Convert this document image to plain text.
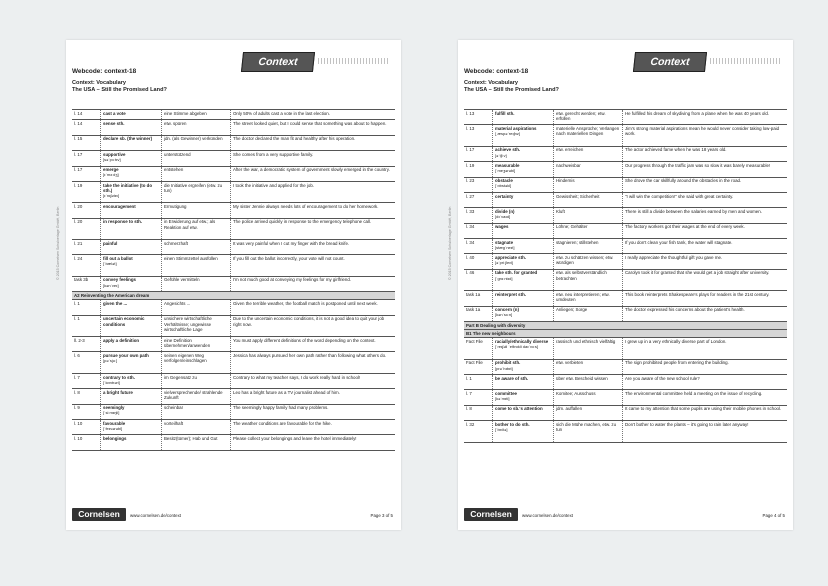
Context
Webcode: context-18
Context: Vocabulary
The USA – Still the Promised Land?
© 2015 Cornelsen Schulverlage GmbH, Berlin
l. 14	cast a vote	eine Stimme abgeben	Only 50% of adults cast a vote in the last election.
l. 14	sense sth.	etw. spüren	The street looked quiet, but I could sense that something was about to happen.
l. 15	declare sb. (the winner)	jdn. (als Gewinner) verkünden	The doctor declared the man fit and healthy after his operation.
l. 17	supportive
[səˈpɔːtɪv]	unterstützend	She comes from a very supportive family.
l. 17	emerge
[ɪˈmɜːdʒ]	entstehen	After the war, a democratic system of government slowly emerged in the country.
l. 19	take the initiative (to do sth.)
[ɪˈnɪʃətɪv]	die Initiative ergreifen (etw. zu tun)	I took the initiative and applied for the job.
l. 20	encouragement	Ermutigung	My sister Jennie always needs lots of encouragement to do her homework.
l. 20	in response to sth.	in Erwiderung auf etw.; als Reaktion auf etw.	The police arrived quickly in response to the emergency telephone call.
l. 21	painful	schmerzhaft	It was very painful when I cut my finger with the bread knife.
l. 24	fill out a ballot
[ˈbælət]	einen Stimmzettel ausfüllen	If you fill out the ballot incorrectly, your vote will not count.
task 3b	convey feelings
[kənˈveɪ]	Gefühle vermitteln	I'm not much good at conveying my feelings for my girlfriend.
A2 Reinventing the American dream			
l. 1	given the ...	Angesichts ...	Given the terrible weather, the football match is postponed until next week.
l. 1	uncertain economic conditions	unsichere wirtschaftliche Verhältnisse; ungewisse wirtschaftliche Lage	Due to the uncertain economic conditions, it is not a good idea to quit your job right now.
ll. 2-3	apply a definition	eine Definition übernehmen/anwenden	You must apply different definitions of the word depending on the context.
l. 6	pursue your own path
[pəˈsjuː]	seinen eigenen Weg verfolgen/einschlagen	Jessica has always pursued her own path rather than following what others do.
l. 7	contrary to sth.
[ˈkɒntrəri]	im Gegensatz zu	Contrary to what my teacher says, I do work really hard in school!
l. 8	a bright future	vielversprechende/ strahlende Zukunft	Leo has a bright future as a TV journalist ahead of him.
l. 9	seemingly
[ˈsiːmɪŋli]	scheinbar	The seemingly happy family had many problems.
l. 10	favourable
[ˈfeɪvərəbl]	vorteilhaft	The weather conditions are favourable for the hike.
l. 10	belongings	Besitz(tümer); Hab und Gut	Please collect your belongings and leave the hotel immediately!
Cornelsen	www.cornelsen.de/context	Page 3 of 5
Context
Webcode: context-18
Context: Vocabulary
The USA – Still the Promised Land?
© 2015 Cornelsen Schulverlage GmbH, Berlin
l. 13	fulfill sth.	etw. gerecht werden; etw. erfüllen	He fulfilled his dream of skydiving from a plane when he was 40 years old.
l. 13	material aspirations
[ˌæspəˈreɪʃnz]	materielle Ansprüche; Verlangen nach materiellen Dingen	Jim's strong material aspirations mean he would never consider taking low-paid work.
l. 17	achieve sth.
[əˈtʃiːv]	etw. erreichen	The actor achieved fame when he was 18 years old.
l. 19	measurable
[ˈmeʒərəbl]	nachweisbar	Our progress through the traffic jam was so slow it was barely measurable!
l. 23	obstacle
[ˈɒbstəkl]	Hindernis	She drove the car skillfully around the obstacles in the road.
l. 27	certainty	Gewissheit; Sicherheit	"I will win the competition!" she said with great certainty.
l. 33	divide (n)
[dɪˈvaɪd]	Kluft	There is still a divide between the salaries earned by men and women.
l. 34	wages	Löhne; Gehälter	The factory workers got their wages at the end of every week.
l. 34	stagnate
[stæɡˈneɪt]	stagnieren; stillstehen	If you don't clean your fish tank, the water will stagnate.
l. 40	appreciate sth.
[əˈpriːʃieɪt]	etw. zu schätzen wissen; etw. würdigen	I really appreciate the thoughtful gift you gave me.
l. 46	take sth. for granted
[ˈɡrɑːntɪd]	etw. als selbstverständlich betrachten	Carolyn took it for granted that she would get a job straight after university.
task 1a	reinterpret sth.	etw. neu interpretieren; etw. umdeuten	This book reinterprets Shakespeare's plays for readers in the 21st century.
task 1a	concern (n)
[kənˈsɜːn]	Anliegen; Sorge	The doctor expressed his concerns about the patient's health.
Part B Dealing with diversity			
B1 The new neighbours			
Fact File	racially/ethnically diverse
[ˈreɪʃəli ˈeθnɪkli daɪˈvɜːs]	rassisch und ethnisch vielfältig	I grew up in a very ethnically diverse part of London.
Fact File	prohibit sth.
[prəˈhɪbɪt]	etw. verbieten	The sign prohibited people from entering the building.
l. 1	be aware of sth.	über etw. Bescheid wissen	Are you aware of the new school rule?
l. 7	committee
[kəˈmɪti]	Komitee; Ausschuss	The environmental committee held a meeting on the issue of recycling.
l. 8	come to sb.'s attention	jdm. auffallen	It came to my attention that some pupils are using their mobile phones in school.
l. 32	bother to do sth.
[ˈbɒðə]	sich die Mühe machen, etw. zu tun	Don't bother to water the plants – it's going to rain later anyway!
Cornelsen	www.cornelsen.de/context	Page 4 of 5
